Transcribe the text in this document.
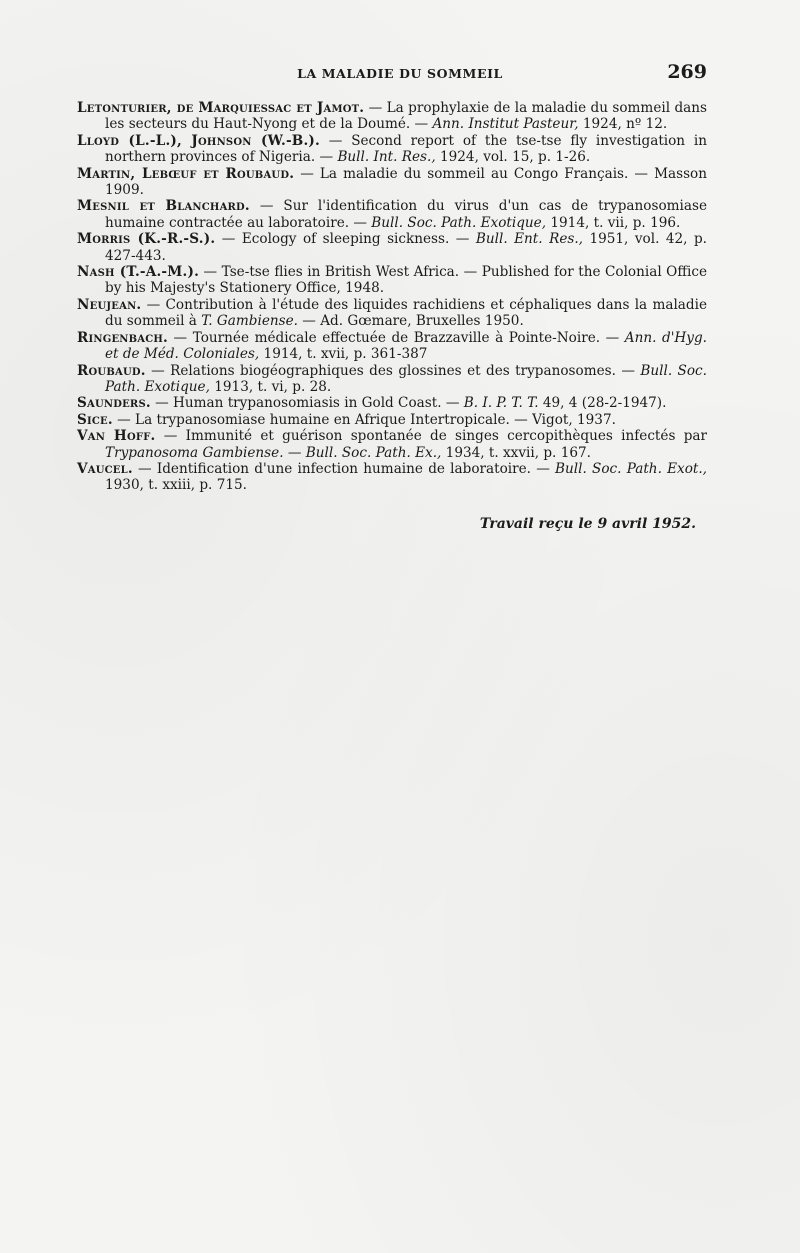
LA MALADIE DU SOMMEIL	269
Letonturier, de Marquiessac et Jamot. — La prophylaxie de la maladie du sommeil dans les secteurs du Haut-Nyong et de la Doumé. — Ann. Institut Pasteur, 1924, nº 12.
Lloyd (L.-L.), Johnson (W.-B.). — Second report of the tse-tse fly investigation in northern provinces of Nigeria. — Bull. Int. Res., 1924, vol. 15, p. 1-26.
Martin, Lebœuf et Roubaud. — La maladie du sommeil au Congo Français. — Masson 1909.
Mesnil et Blanchard. — Sur l'identification du virus d'un cas de trypanosomiase humaine contractée au laboratoire. — Bull. Soc. Path. Exotique, 1914, t. vii, p. 196.
Morris (K.-R.-S.). — Ecology of sleeping sickness. — Bull. Ent. Res., 1951, vol. 42, p. 427-443.
Nash (T.-A.-M.). — Tse-tse flies in British West Africa. — Published for the Colonial Office by his Majesty's Stationery Office, 1948.
Neujean. — Contribution à l'étude des liquides rachidiens et céphaliques dans la maladie du sommeil à T. Gambiense. — Ad. Gœmare, Bruxelles 1950.
Ringenbach. — Tournée médicale effectuée de Brazzaville à Pointe-Noire. — Ann. d'Hyg. et de Méd. Coloniales, 1914, t. xvii, p. 361-387
Roubaud. — Relations biogéographiques des glossines et des trypanosomes. — Bull. Soc. Path. Exotique, 1913, t. vi, p. 28.
Saunders. — Human trypanosomiasis in Gold Coast. — B. I. P. T. T. 49, 4 (28-2-1947).
Sice. — La trypanosomiase humaine en Afrique Intertropicale. — Vigot, 1937.
Van Hoff. — Immunité et guérison spontanée de singes cercopithèques infectés par Trypanosoma Gambiense. — Bull. Soc. Path. Ex., 1934, t. xxvii, p. 167.
Vaucel. — Identification d'une infection humaine de laboratoire. — Bull. Soc. Path. Exot., 1930, t. xxiii, p. 715.
Travail reçu le 9 avril 1952.
